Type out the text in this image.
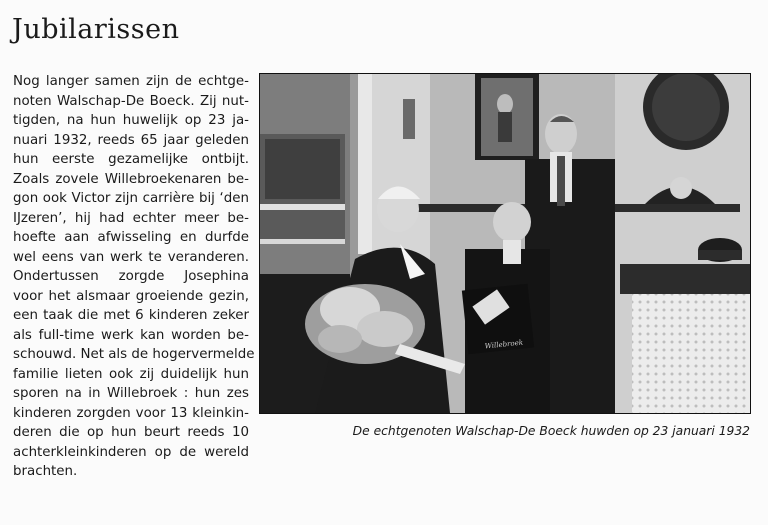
Jubilarissen
Nog langer samen zijn de echtge-
noten Walschap-De Boeck. Zij nut-
tigden, na hun huwelijk op 23 ja-
nuari 1932, reeds 65 jaar geleden
hun eerste gezamelijke ontbijt.
Zoals zovele Willebroekenaren be-
gon ook Victor zijn carrière bij ‘den
IJzeren’, hij had echter meer be-
hoefte aan afwisseling en durfde
wel eens van werk te veranderen.
Ondertussen zorgde Josephina
voor het alsmaar groeiende gezin,
een taak die met 6 kinderen zeker
als full-time werk kan worden be-
schouwd. Net als de hogervermelde
familie lieten ook zij duidelijk hun
sporen na in Willebroek : hun zes
kinderen zorgden voor 13 kleinkin-
deren die op hun beurt reeds 10
achterkleinkinderen op de wereld
brachten.
Willebroek
De echtgenoten Walschap-De Boeck huwden op 23 januari 1932
